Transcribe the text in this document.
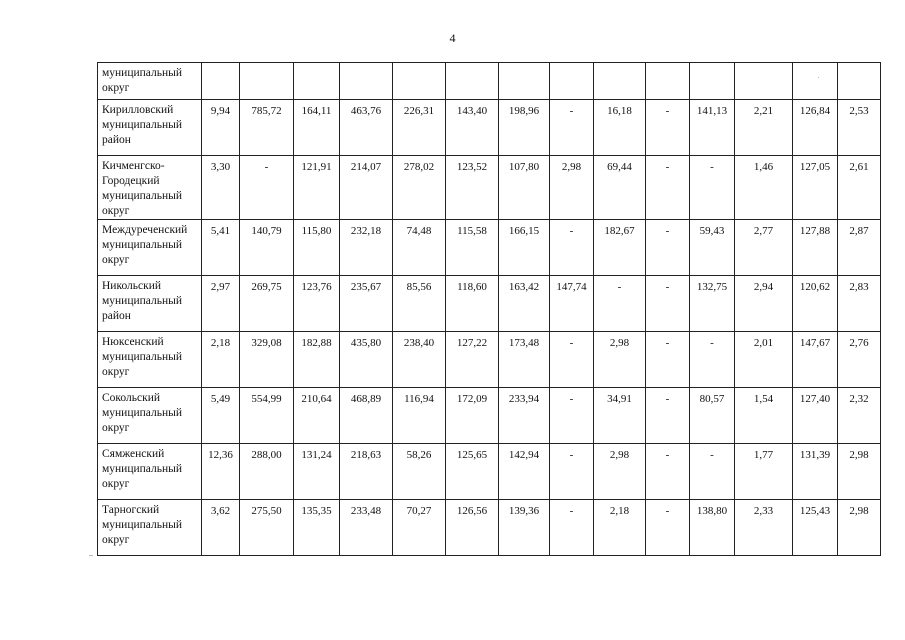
4
муниципальный округ														
Кирилловский муниципальный район	9,94	785,72	164,11	463,76	226,31	143,40	198,96	-	16,18	-	141,13	2,21	126,84	2,53
Кичменгско-Городецкий муниципальный округ	3,30	-	121,91	214,07	278,02	123,52	107,80	2,98	69,44	-	-	1,46	127,05	2,61
Междуреченский муниципальный округ	5,41	140,79	115,80	232,18	74,48	115,58	166,15	-	182,67	-	59,43	2,77	127,88	2,87
Никольский муниципальный район	2,97	269,75	123,76	235,67	85,56	118,60	163,42	147,74	-	-	132,75	2,94	120,62	2,83
Нюксенский муниципальный округ	2,18	329,08	182,88	435,80	238,40	127,22	173,48	-	2,98	-	-	2,01	147,67	2,76
Сокольский муниципальный округ	5,49	554,99	210,64	468,89	116,94	172,09	233,94	-	34,91	-	80,57	1,54	127,40	2,32
Сямженский муниципальный округ	12,36	288,00	131,24	218,63	58,26	125,65	142,94	-	2,98	-	-	1,77	131,39	2,98
Тарногский муниципальный округ	3,62	275,50	135,35	233,48	70,27	126,56	139,36	-	2,18	-	138,80	2,33	125,43	2,98
